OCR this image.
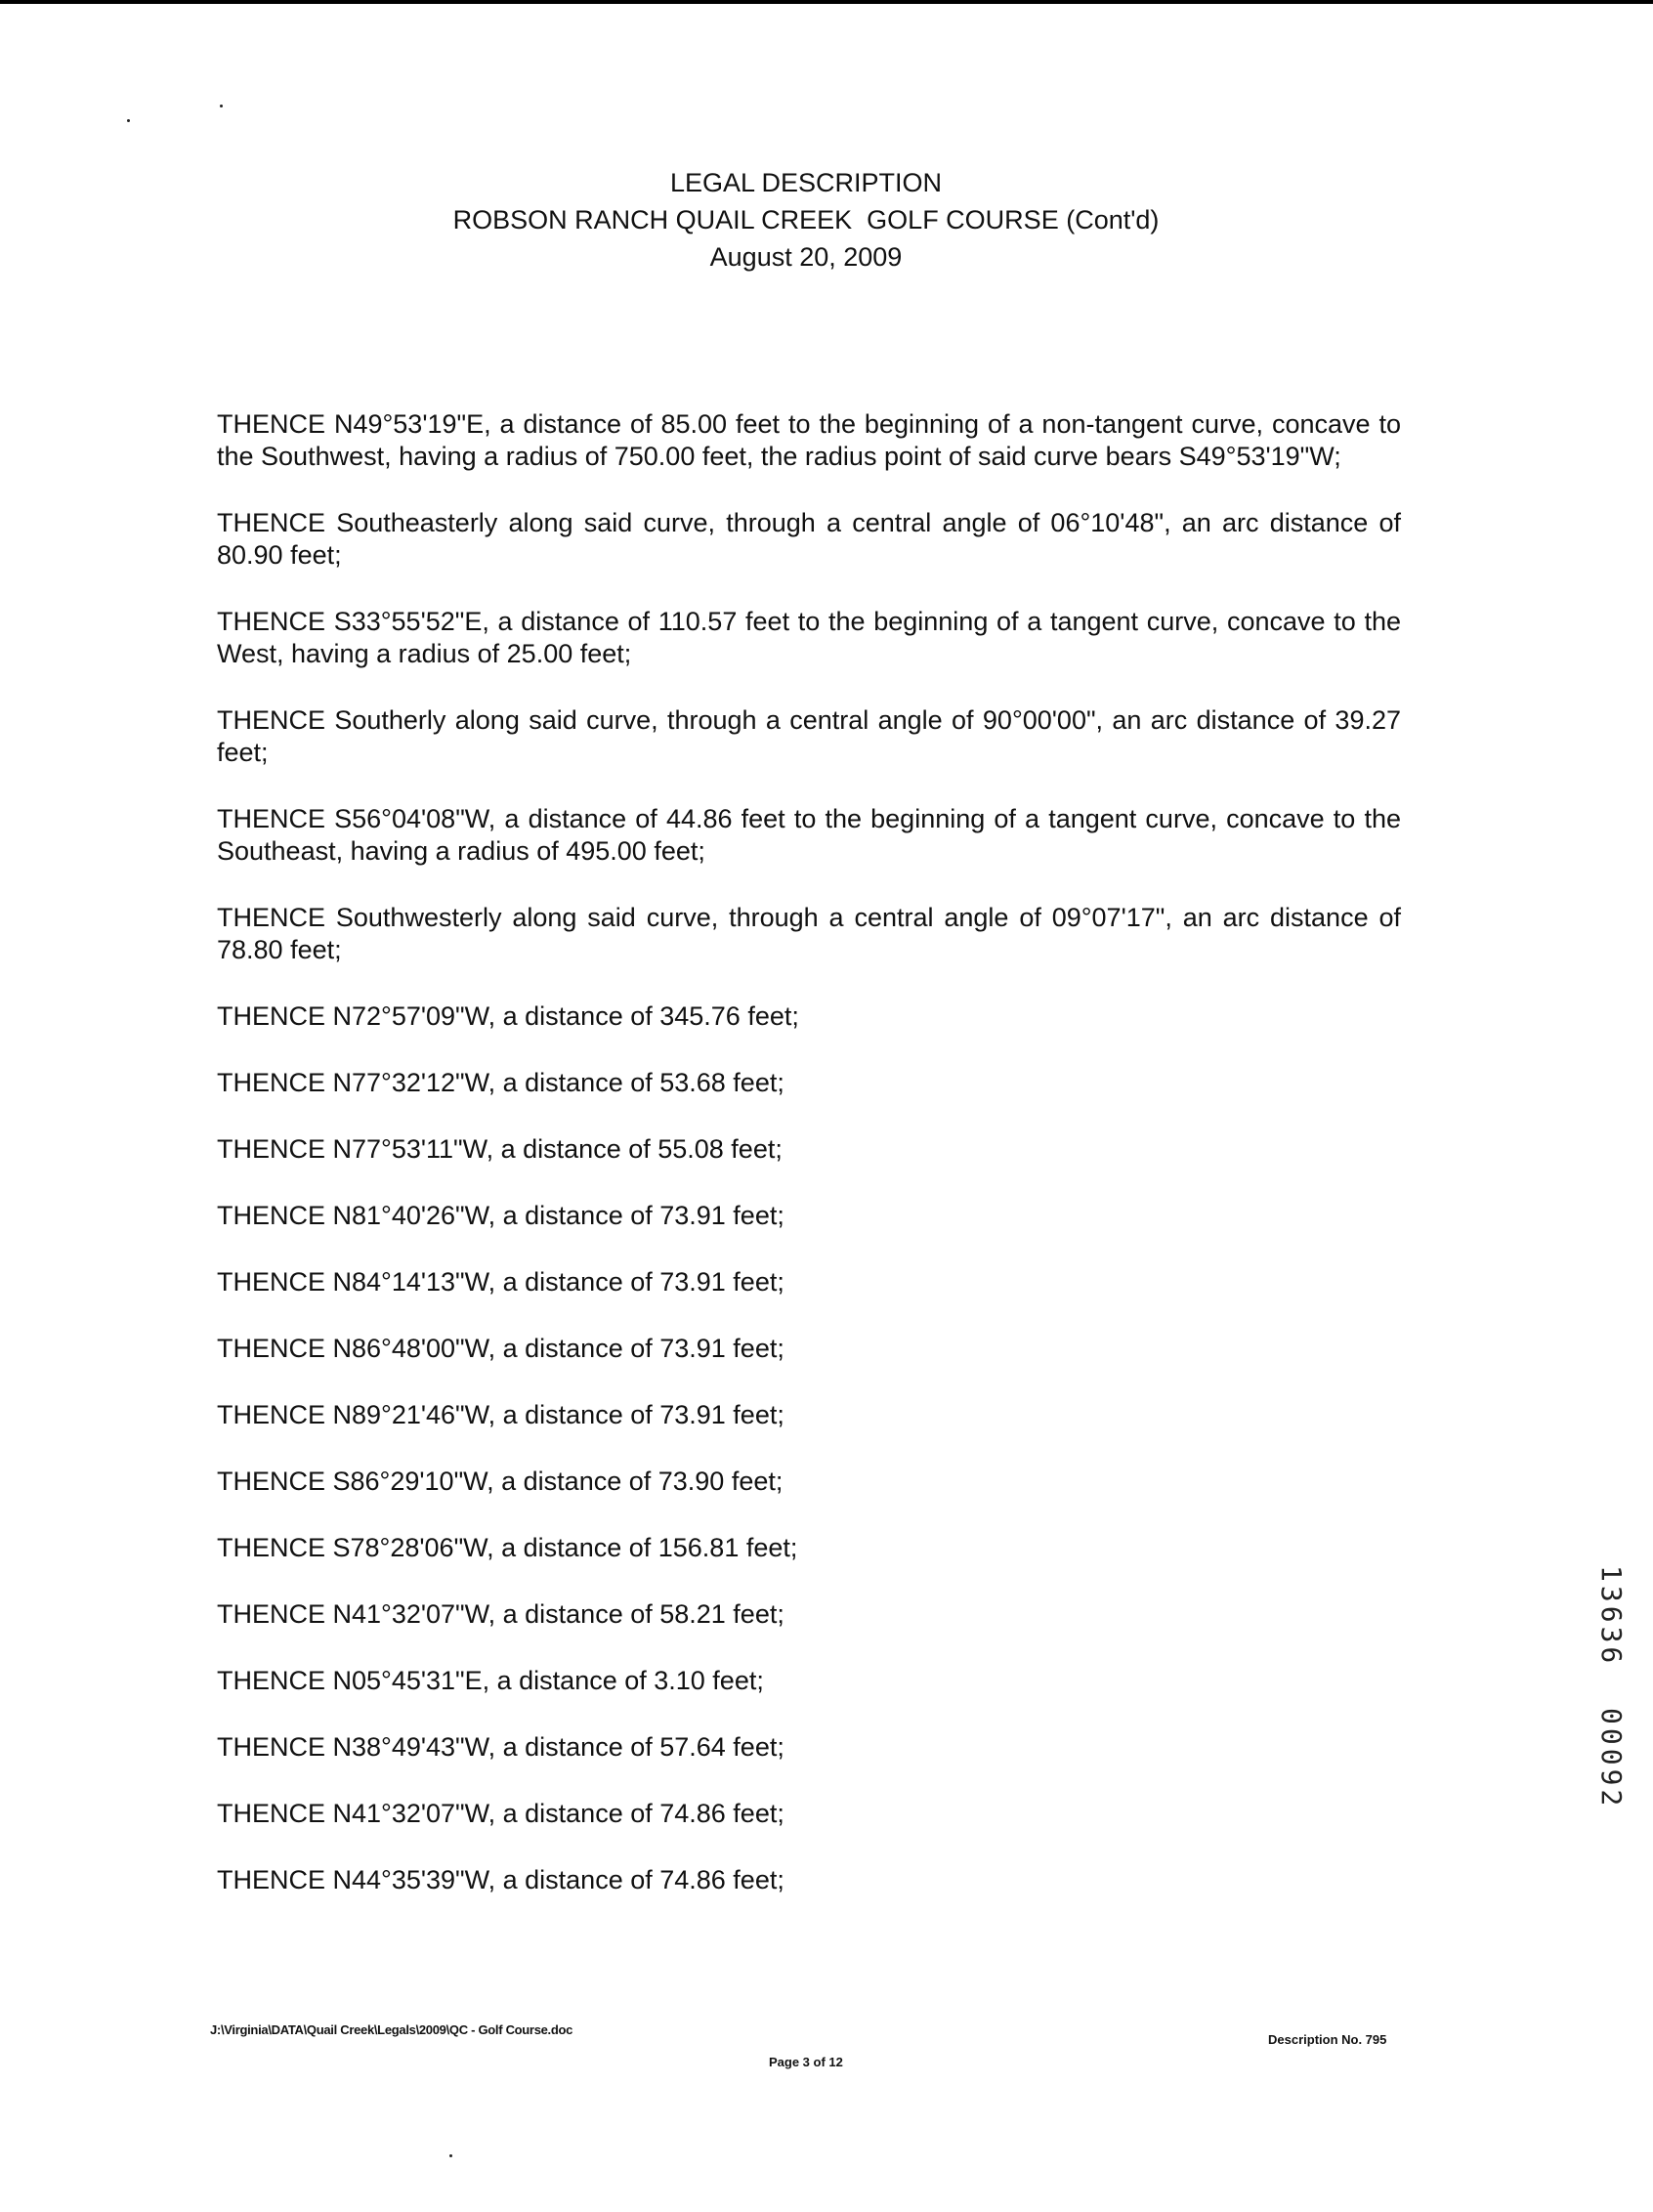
LEGAL DESCRIPTION
ROBSON RANCH QUAIL CREEK  GOLF COURSE (Cont'd)
August 20, 2009

THENCE N49°53'19"E, a distance of 85.00 feet to the beginning of a non-tangent curve, concave to the Southwest, having a radius of 750.00 feet, the radius point of said curve bears S49°53'19"W;

THENCE Southeasterly along said curve, through a central angle of 06°10'48", an arc distance of 80.90 feet;

THENCE S33°55'52"E, a distance of 110.57 feet to the beginning of a tangent curve, concave to the West, having a radius of 25.00 feet;

THENCE Southerly along said curve, through a central angle of 90°00'00", an arc distance of 39.27 feet;

THENCE S56°04'08"W, a distance of 44.86 feet to the beginning of a tangent curve, concave to the Southeast, having a radius of 495.00 feet;

THENCE Southwesterly along said curve, through a central angle of 09°07'17", an arc distance of 78.80 feet;

THENCE N72°57'09"W, a distance of 345.76 feet;

THENCE N77°32'12"W, a distance of 53.68 feet;

THENCE N77°53'11"W, a distance of 55.08 feet;

THENCE N81°40'26"W, a distance of 73.91 feet;

THENCE N84°14'13"W, a distance of 73.91 feet;

THENCE N86°48'00"W, a distance of 73.91 feet;

THENCE N89°21'46"W, a distance of 73.91 feet;

THENCE S86°29'10"W, a distance of 73.90 feet;

THENCE S78°28'06"W, a distance of 156.81 feet;

THENCE N41°32'07"W, a distance of 58.21 feet;

THENCE N05°45'31"E, a distance of 3.10 feet;

THENCE N38°49'43"W, a distance of 57.64 feet;

THENCE N41°32'07"W, a distance of 74.86 feet;

THENCE N44°35'39"W, a distance of 74.86 feet;

13636  00092
J:\Virginia\DATA\Quail Creek\Legals\2009\QC - Golf Course.doc
Description No. 795
Page 3 of 12
